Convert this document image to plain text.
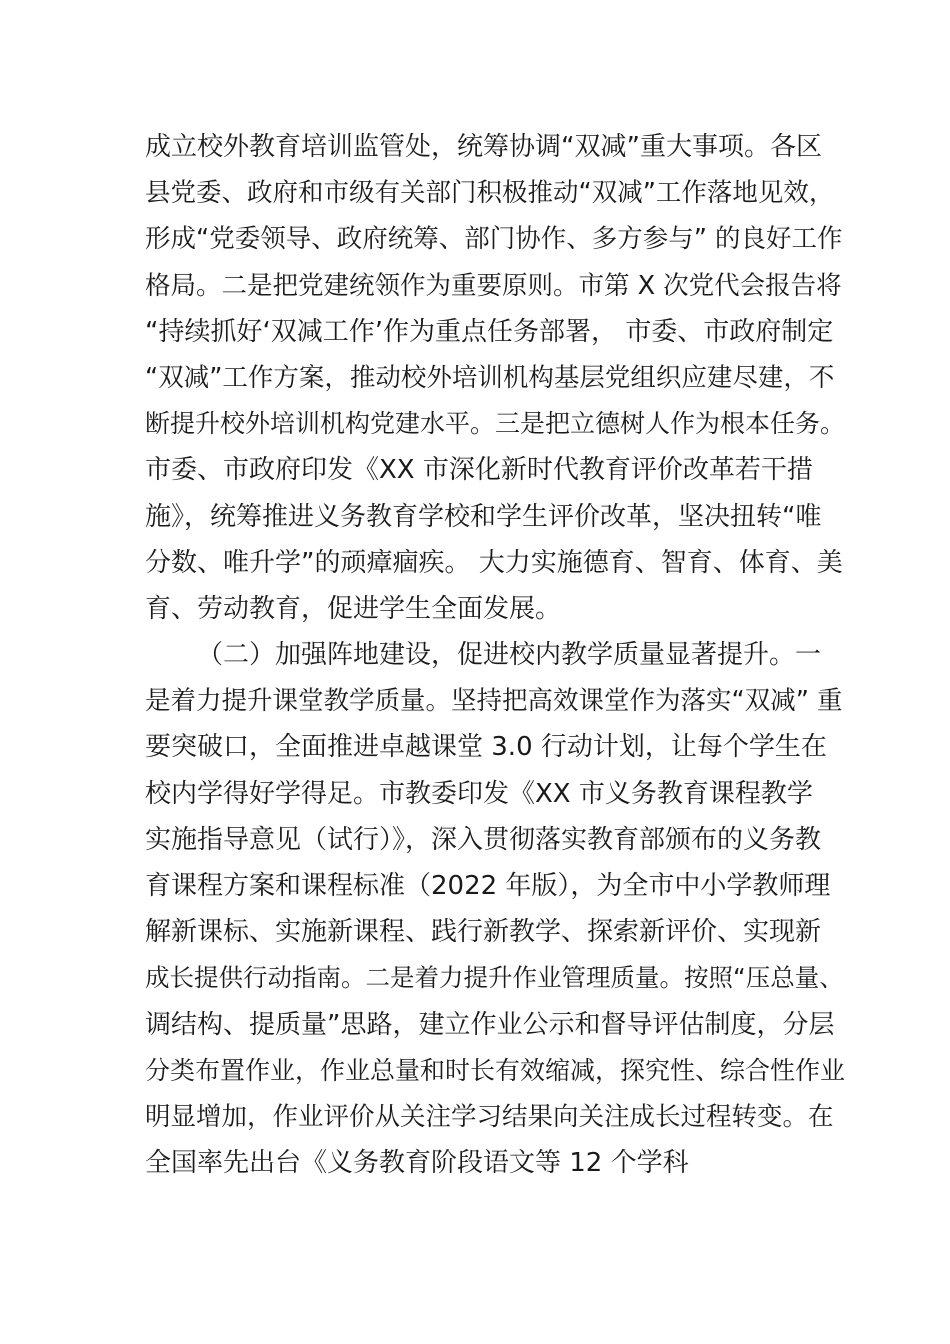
成立校外教育培训监管处，统筹协调“双减”重大事项。各区
县党委、政府和市级有关部门积极推动“双减”工作落地见效，
形成“党委领导、政府统筹、部门协作、多方参与” 的良好工作
格局。二是把党建统领作为重要原则。市第 X 次党代会报告将
“持续抓好‘双减工作’作为重点任务部署， 市委、市政府制定
“双减”工作方案，推动校外培训机构基层党组织应建尽建，不
断提升校外培训机构党建水平。三是把立德树人作为根本任务。
市委、市政府印发《XX 市深化新时代教育评价改革若干措
施》，统筹推进义务教育学校和学生评价改革，坚决扭转“唯
分数、唯升学”的顽瘴痼疾。 大力实施德育、智育、体育、美
育、劳动教育，促进学生全面发展。
（二）加强阵地建设，促进校内教学质量显著提升。一
是着力提升课堂教学质量。坚持把高效课堂作为落实“双减” 重
要突破口，全面推进卓越课堂 3.0 行动计划，让每个学生在
校内学得好学得足。市教委印发《XX 市义务教育课程教学
实施指导意见（试行）》，深入贯彻落实教育部颁布的义务教
育课程方案和课程标准（2022 年版），为全市中小学教师理
解新课标、实施新课程、践行新教学、探索新评价、实现新
成长提供行动指南。二是着力提升作业管理质量。按照“压总量、
调结构、提质量”思路，建立作业公示和督导评估制度，分层
分类布置作业，作业总量和时长有效缩减，探究性、综合性作业
明显增加，作业评价从关注学习结果向关注成长过程转变。在
全国率先出台《义务教育阶段语文等 12 个学科
